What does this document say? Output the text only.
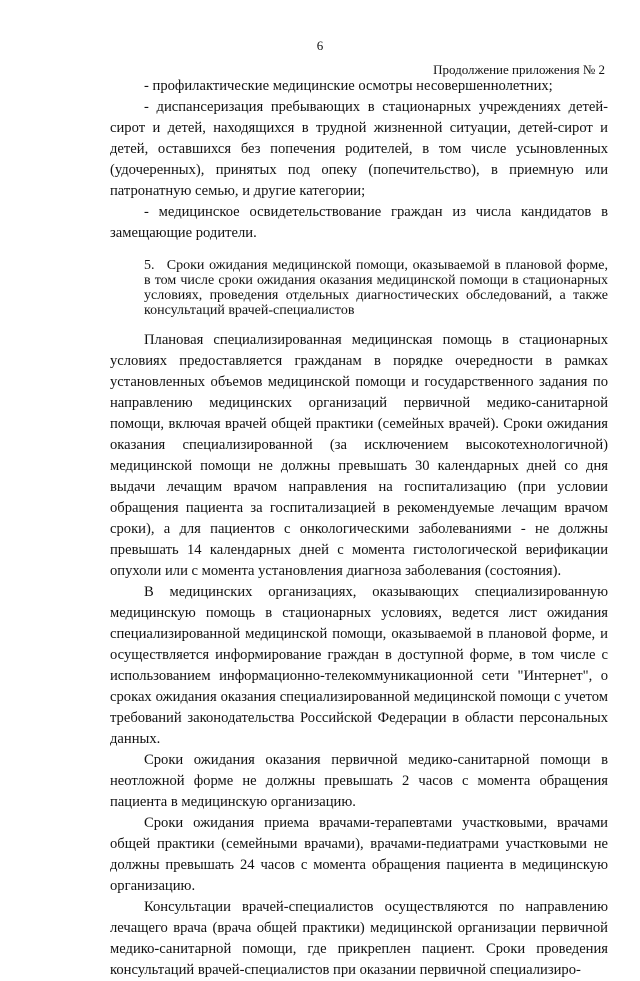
6
Продолжение приложения № 2

- профилактические медицинские осмотры несовершеннолетних;

- диспансеризация пребывающих в стационарных учреждениях детей-сирот и детей, находящихся в трудной жизненной ситуации, детей-сирот и детей, оставшихся без попечения родителей, в том числе усыновленных (удочеренных), принятых под опеку (попечительство), в приемную или патронатную семью, и другие категории;

- медицинское освидетельствование граждан из числа кандидатов в замещающие родители.

5. Сроки ожидания медицинской помощи, оказываемой в плановой форме, в том числе сроки ожидания оказания медицинской помощи в стационарных условиях, проведения отдельных диагностических обследований, а также консультаций врачей-специалистов

Плановая специализированная медицинская помощь в стационарных условиях предоставляется гражданам в порядке очередности в рамках установленных объемов медицинской помощи и государственного задания по направлению медицинских организаций первичной медико-санитарной помощи, включая врачей общей практики (семейных врачей). Сроки ожидания оказания специализированной (за исключением высокотехнологичной) медицинской помощи не должны превышать 30 календарных дней со дня выдачи лечащим врачом направления на госпитализацию (при условии обращения пациента за госпитализацией в рекомендуемые лечащим врачом сроки), а для пациентов с онкологическими заболеваниями - не должны превышать 14 календарных дней с момента гистологической верификации опухоли или с момента установления диагноза заболевания (состояния).

В медицинских организациях, оказывающих специализированную медицинскую помощь в стационарных условиях, ведется лист ожидания специализированной медицинской помощи, оказываемой в плановой форме, и осуществляется информирование граждан в доступной форме, в том числе с использованием информационно-телекоммуникационной сети "Интернет", о сроках ожидания оказания специализированной медицинской помощи с учетом требований законодательства Российской Федерации в области персональных данных.

Сроки ожидания оказания первичной медико-санитарной помощи в неотложной форме не должны превышать 2 часов с момента обращения пациента в медицинскую организацию.

Сроки ожидания приема врачами-терапевтами участковыми, врачами общей практики (семейными врачами), врачами-педиатрами участковыми не должны превышать 24 часов с момента обращения пациента в медицинскую организацию.

Консультации врачей-специалистов осуществляются по направлению лечащего врача (врача общей практики) медицинской организации первичной медико-санитарной помощи, где прикреплен пациент. Сроки проведения консультаций врачей-специалистов при оказании первичной специализиро-
